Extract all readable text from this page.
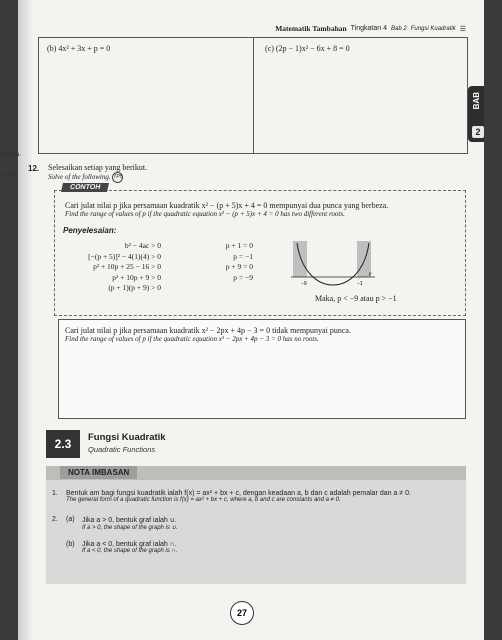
Matematik Tambahan Tingkatan 4 Bab 2 Fungsi Kuadratik ☰
(b) 4x² + 3x + p = 0	(c) (2p − 1)x² − 6x + 8 = 0
BAB
2
12. Selesaikan setiap yang berikut.
Solve of the following. TP5
Cari julat nilai p jika persamaan kuadratik x² − (p + 5)x + 4 = 0 mempunyai dua punca yang berbeza.
Find the range of values of p if the quadratic equation x² − (p + 5)x + 4 = 0 has two different roots.
Penyelesaian:
b² − 4ac > 0
[−(p + 5)]² − 4(1)(4) > 0
p² + 10p + 25 − 16 > 0
p² + 10p + 9 > 0
(p + 1)(p + 9) > 0
p + 1 = 0
p = −1
p + 9 = 0
p = −9
−9	−1
p
Maka, p < −9 atau p > −1
CONTOH
Cari julat nilai p jika persamaan kuadratik x² − 2px + 4p − 3 = 0 tidak mempunyai punca.
Find the range of values of p if the quadratic equation x² − 2px + 4p − 3 = 0 has no roots.
2.3	Fungsi Kuadratik
Quadratic Functions
NOTA IMBASAN
1. Bentuk am bagi fungsi kuadratik ialah f(x) = ax² + bx + c, dengan keadaan a, b dan c adalah pemalar dan a ≠ 0.
The general form of a quadratic function is f(x) = ax² + bx + c, where a, b and c are constants and a ≠ 0.
2. (a) Jika a > 0, bentuk graf ialah ∪.
If a > 0, the shape of the graph is ∪.
(b) Jika a < 0, bentuk graf ialah ∩.
If a < 0, the shape of the graph is ∩.
27
erbeza.
roots.
